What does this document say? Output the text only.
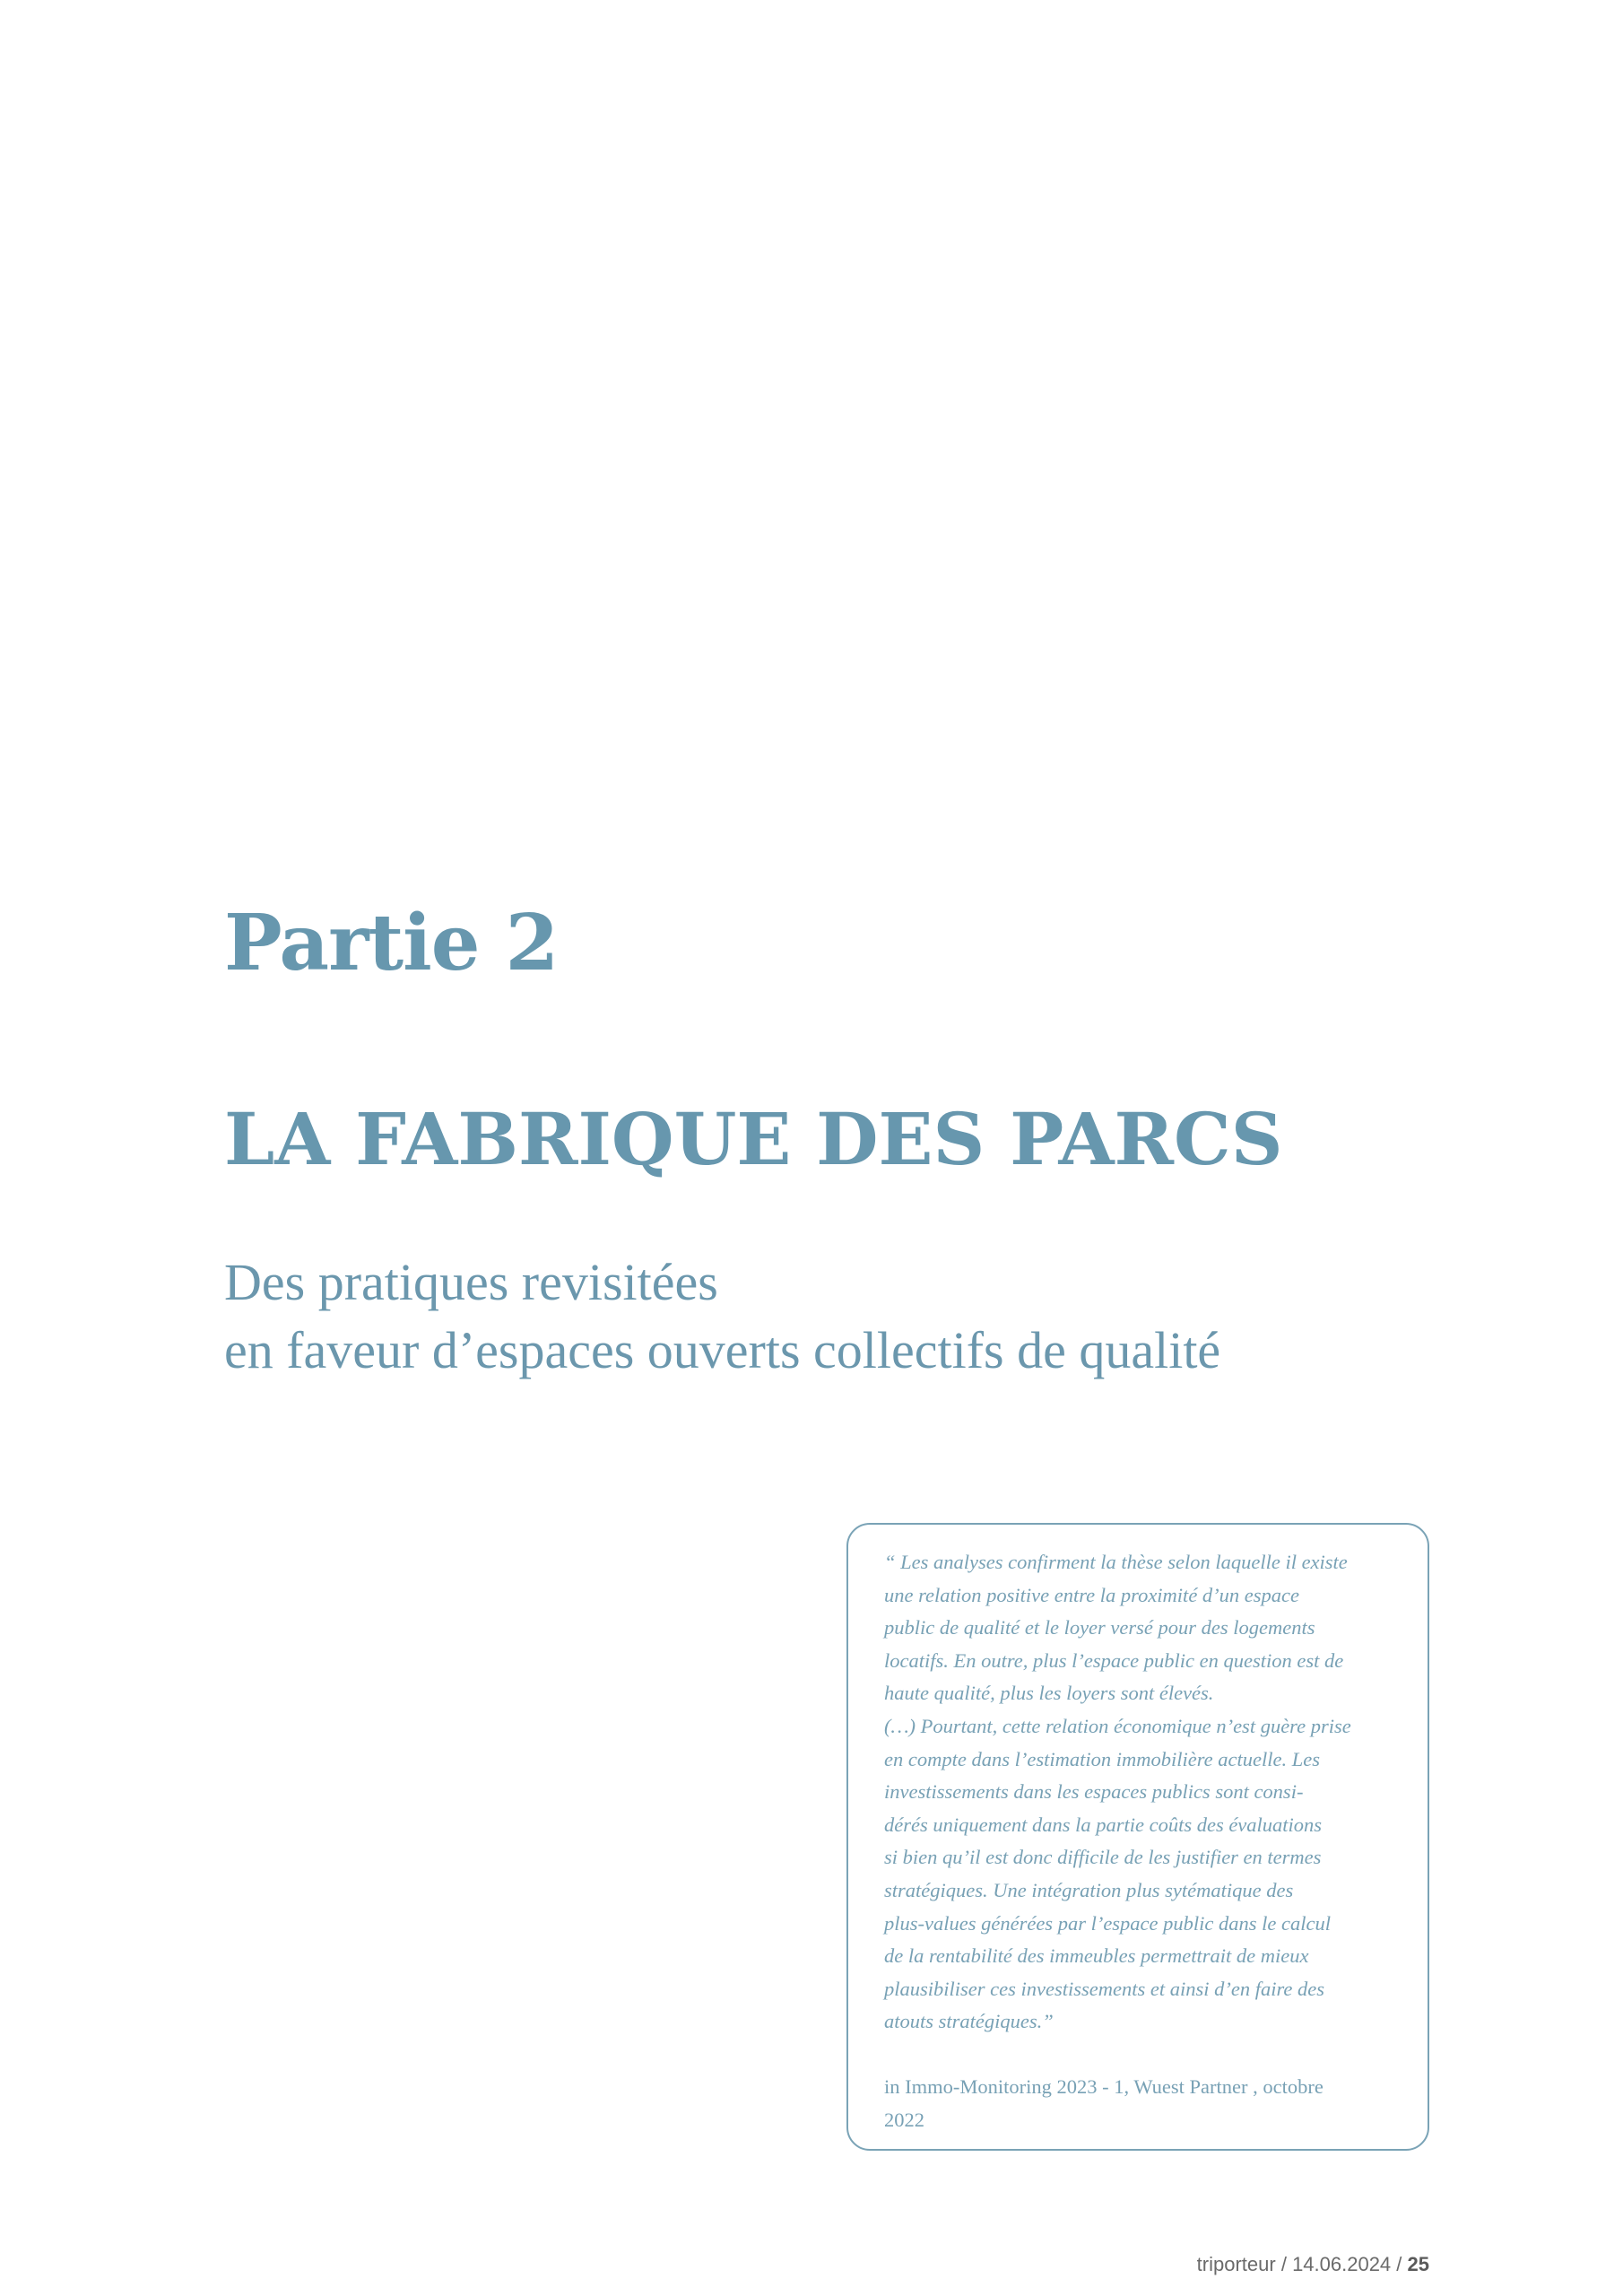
Partie 2
LA FABRIQUE DES PARCS

Des pratiques revisitées
en faveur d’espaces ouverts collectifs de qualité

“ Les analyses confirment la thèse selon laquelle il existe
une relation positive entre la proximité d’un espace
public de qualité et le loyer versé pour des logements
locatifs. En outre, plus l’espace public en question est de
haute qualité, plus les loyers sont élevés.
(…) Pourtant, cette relation économique n’est guère prise
en compte dans l’estimation immobilière actuelle. Les
investissements dans les espaces publics sont consi-
dérés uniquement dans la partie coûts des évaluations
si bien qu’il est donc difficile de les justifier en termes
stratégiques. Une intégration plus sytématique des
plus-values générées par l’espace public dans le calcul
de la rentabilité des immeubles permettrait de mieux
plausibiliser ces investissements et ainsi d’en faire des
atouts stratégiques.”

in Immo-Monitoring 2023 - 1, Wuest Partner , octobre
2022

triporteur / 14.06.2024 / 25
